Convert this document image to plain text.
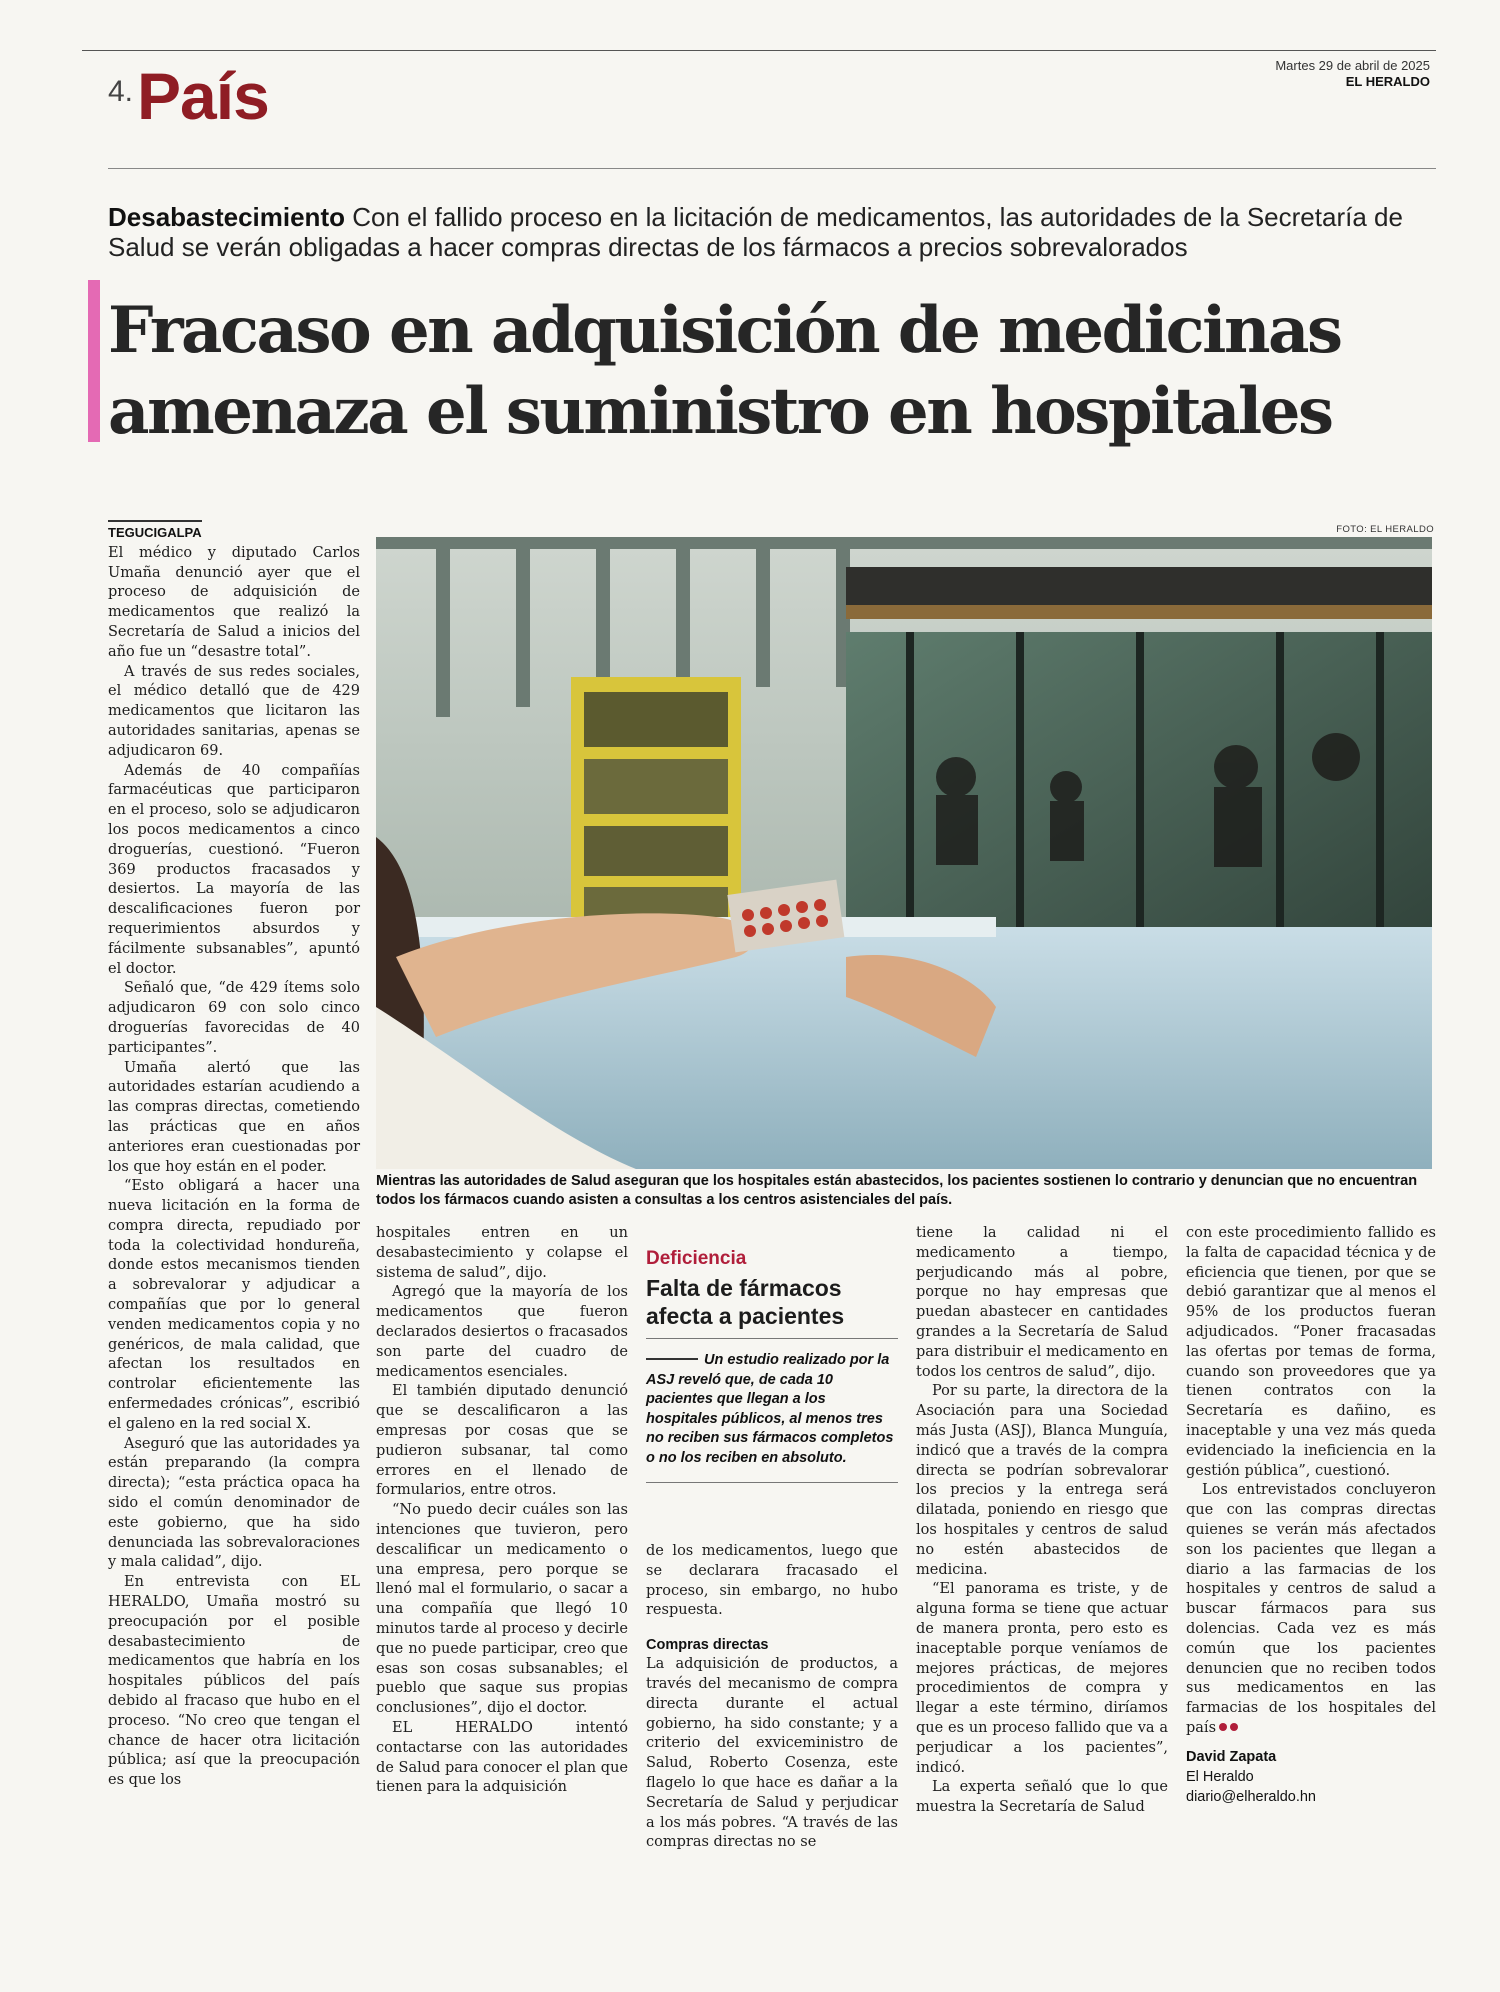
4.País	Martes 29 de abril de 2025
EL HERALDO
Desabastecimiento Con el fallido proceso en la licitación de medicamentos, las autoridades de la Secretaría de Salud se verán obligadas a hacer compras directas de los fármacos a precios sobrevalorados
Fracaso en adquisición de medicinas
amenaza el suministro en hospitales
FOTO: EL HERALDO
Mientras las autoridades de Salud aseguran que los hospitales están abastecidos, los pacientes sostienen lo contrario y denuncian que no encuentran todos los fármacos cuando asisten a consultas a los centros asistenciales del país.
TEGUCIGALPA

El médico y diputado Carlos Umaña denunció ayer que el proceso de adquisición de medicamentos que realizó la Secretaría de Salud a inicios del año fue un “desastre total”.

A través de sus redes sociales, el médico detalló que de 429 medicamentos que licitaron las autoridades sanitarias, apenas se adjudicaron 69.

Además de 40 compañías farmacéuticas que participaron en el proceso, solo se adjudicaron los pocos medicamentos a cinco droguerías, cuestionó. “Fueron 369 productos fracasados y desiertos. La mayoría de las descalificaciones fueron por requerimientos absurdos y fácilmente subsanables”, apuntó el doctor.

Señaló que, “de 429 ítems solo adjudicaron 69 con solo cinco droguerías favorecidas de 40 participantes”.

Umaña alertó que las autoridades estarían acudiendo a las compras directas, cometiendo las prácticas que en años anteriores eran cuestionadas por los que hoy están en el poder.

“Esto obligará a hacer una nueva licitación en la forma de compra directa, repudiado por toda la colectividad hondureña, donde estos mecanismos tienden a sobrevalorar y adjudicar a compañías que por lo general venden medicamentos copia y no genéricos, de mala calidad, que afectan los resultados en controlar eficientemente las enfermedades crónicas”, escribió el galeno en la red social X.

Aseguró que las autoridades ya están preparando (la compra directa); “esta práctica opaca ha sido el común denominador de este gobierno, que ha sido denunciada las sobrevaloraciones y mala calidad”, dijo.

En entrevista con EL HERALDO, Umaña mostró su preocupación por el posible desabastecimiento de medicamentos que habría en los hospitales públicos del país debido al fracaso que hubo en el proceso. “No creo que tengan el chance de hacer otra licitación pública; así que la preocupación es que los

hospitales entren en un desabastecimiento y colapse el sistema de salud”, dijo.

Agregó que la mayoría de los medicamentos que fueron declarados desiertos o fracasados son parte del cuadro de medicamentos esenciales.

El también diputado denunció que se descalificaron a las empresas por cosas que se pudieron subsanar, tal como errores en el llenado de formularios, entre otros.

“No puedo decir cuáles son las intenciones que tuvieron, pero descalificar un medicamento o una empresa, pero porque se llenó mal el formulario, o sacar a una compañía que llegó 10 minutos tarde al proceso y decirle que no puede participar, creo que esas son cosas subsanables; el pueblo que saque sus propias conclusiones”, dijo el doctor.

EL HERALDO intentó contactarse con las autoridades de Salud para conocer el plan que tienen para la adquisición

Deficiencia
Falta de fármacos afecta a pacientes
Un estudio realizado por la ASJ reveló que, de cada 10 pacientes que llegan a los hospitales públicos, al menos tres no reciben sus fármacos completos o no los reciben en absoluto.

de los medicamentos, luego que se declarara fracasado el proceso, sin embargo, no hubo respuesta.

Compras directas

La adquisición de productos, a través del mecanismo de compra directa durante el actual gobierno, ha sido constante; y a criterio del exviceministro de Salud, Roberto Cosenza, este flagelo lo que hace es dañar a la Secretaría de Salud y perjudicar a los más pobres. “A través de las compras directas no se

tiene la calidad ni el medicamento a tiempo, perjudicando más al pobre, porque no hay empresas que puedan abastecer en cantidades grandes a la Secretaría de Salud para distribuir el medicamento en todos los centros de salud”, dijo.

Por su parte, la directora de la Asociación para una Sociedad más Justa (ASJ), Blanca Munguía, indicó que a través de la compra directa se podrían sobrevalorar los precios y la entrega será dilatada, poniendo en riesgo que los hospitales y centros de salud no estén abastecidos de medicina.

“El panorama es triste, y de alguna forma se tiene que actuar de manera pronta, pero esto es inaceptable porque veníamos de mejores prácticas, de mejores procedimientos de compra y llegar a este término, diríamos que es un proceso fallido que va a perjudicar a los pacientes”, indicó.

La experta señaló que lo que muestra la Secretaría de Salud

con este procedimiento fallido es la falta de capacidad técnica y de eficiencia que tienen, por que se debió garantizar que al menos el 95% de los productos fueran adjudicados. “Poner fracasadas las ofertas por temas de forma, cuando son proveedores que ya tienen contratos con la Secretaría es dañino, es inaceptable y una vez más queda evidenciado la ineficiencia en la gestión pública”, cuestionó.

Los entrevistados concluyeron que con las compras directas quienes se verán más afectados son los pacientes que llegan a diario a las farmacias de los hospitales y centros de salud a buscar fármacos para sus dolencias. Cada vez es más común que los pacientes denuncien que no reciben todos sus medicamentos en las farmacias de los hospitales del país

David Zapata
El Heraldo
diario@elheraldo.hn
